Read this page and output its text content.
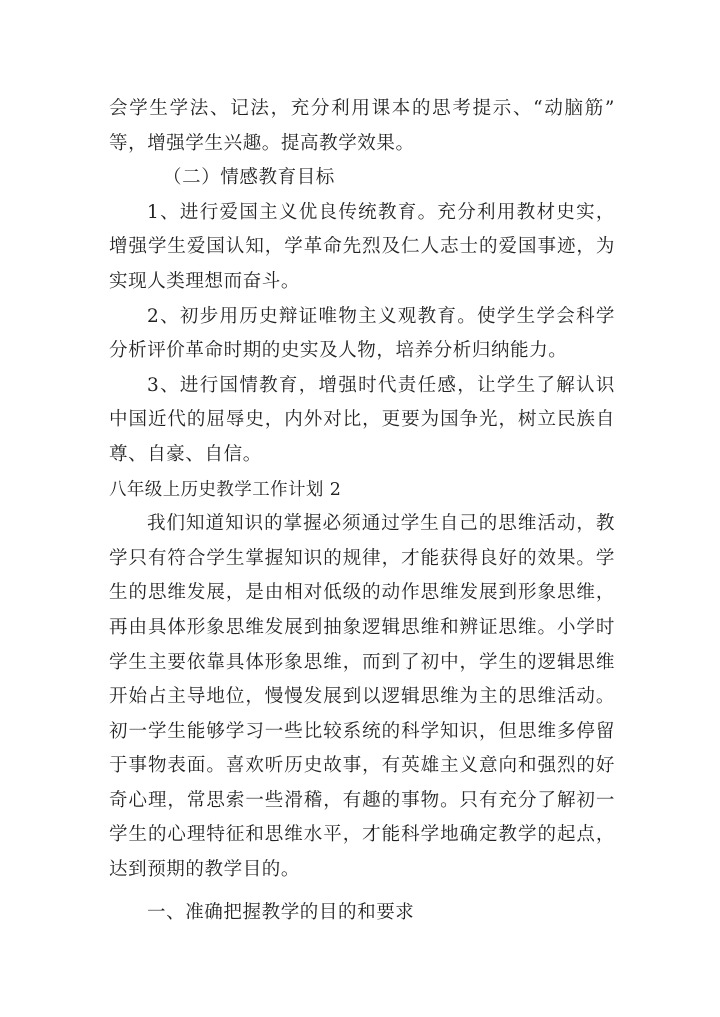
会学生学法、记法，充分利用课本的思考提示、“动脑筋”
等，增强学生兴趣。提高教学效果。
（二）情感教育目标
1、进行爱国主义优良传统教育。充分利用教材史实，
增强学生爱国认知，学革命先烈及仁人志士的爱国事迹，为
实现人类理想而奋斗。
2、初步用历史辩证唯物主义观教育。使学生学会科学
分析评价革命时期的史实及人物，培养分析归纳能力。
3、进行国情教育，增强时代责任感，让学生了解认识
中国近代的屈辱史，内外对比，更要为国争光，树立民族自
尊、自豪、自信。
八年级上历史教学工作计划 2
我们知道知识的掌握必须通过学生自己的思维活动，教
学只有符合学生掌握知识的规律，才能获得良好的效果。学
生的思维发展，是由相对低级的动作思维发展到形象思维，
再由具体形象思维发展到抽象逻辑思维和辨证思维。小学时
学生主要依靠具体形象思维，而到了初中，学生的逻辑思维
开始占主导地位，慢慢发展到以逻辑思维为主的思维活动。
初一学生能够学习一些比较系统的科学知识，但思维多停留
于事物表面。喜欢听历史故事，有英雄主义意向和强烈的好
奇心理，常思索一些滑稽，有趣的事物。只有充分了解初一
学生的心理特征和思维水平，才能科学地确定教学的起点，
达到预期的教学目的。
一、准确把握教学的目的和要求
